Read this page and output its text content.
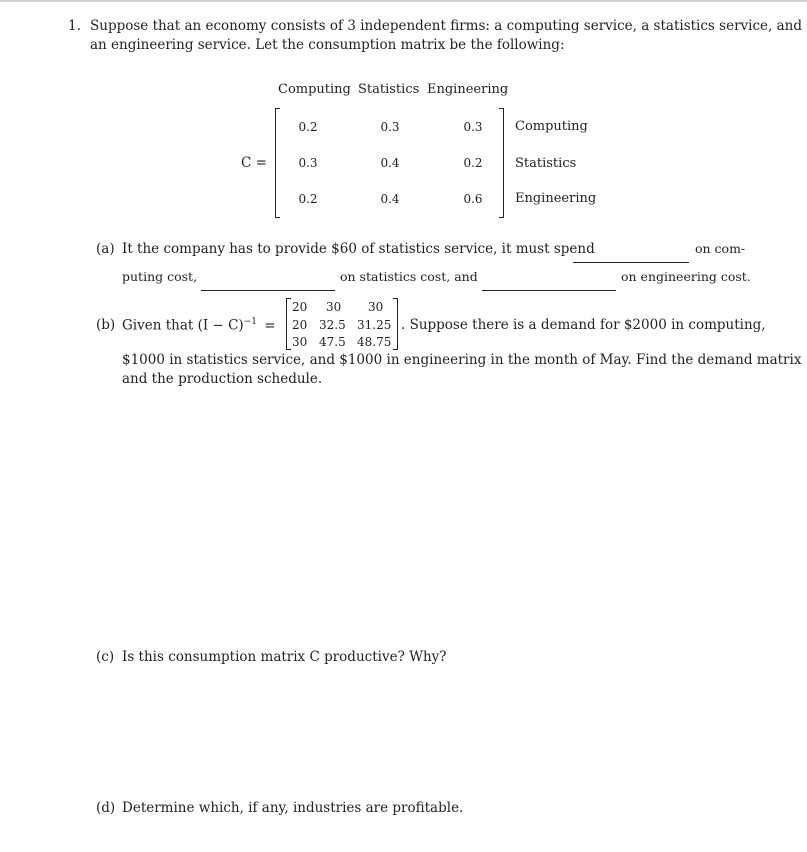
1. Suppose that an economy consists of 3 independent firms: a computing service, a statistics service, and
an engineering service. Let the consumption matrix be the following:
Computing Statistics Engineering
C =
0.2	0.3	0.3	Computing
0.3	0.4	0.2	Statistics
0.2	0.4	0.6	Engineering
(a) It the company has to provide $60 of statistics service, it must spend	on com-
puting cost,	on statistics cost, and	on engineering cost.
(b) Given that $(I - C)^{-1}$ =
20 30 30
20 32.5 31.25
30 47.5 48.75
. Suppose there is a demand for $2000 in computing,
$1000 in statistics service, and $1000 in engineering in the month of May. Find the demand matrix
and the production schedule.
(c) Is this consumption matrix C productive? Why?
(d) Determine which, if any, industries are profitable.
